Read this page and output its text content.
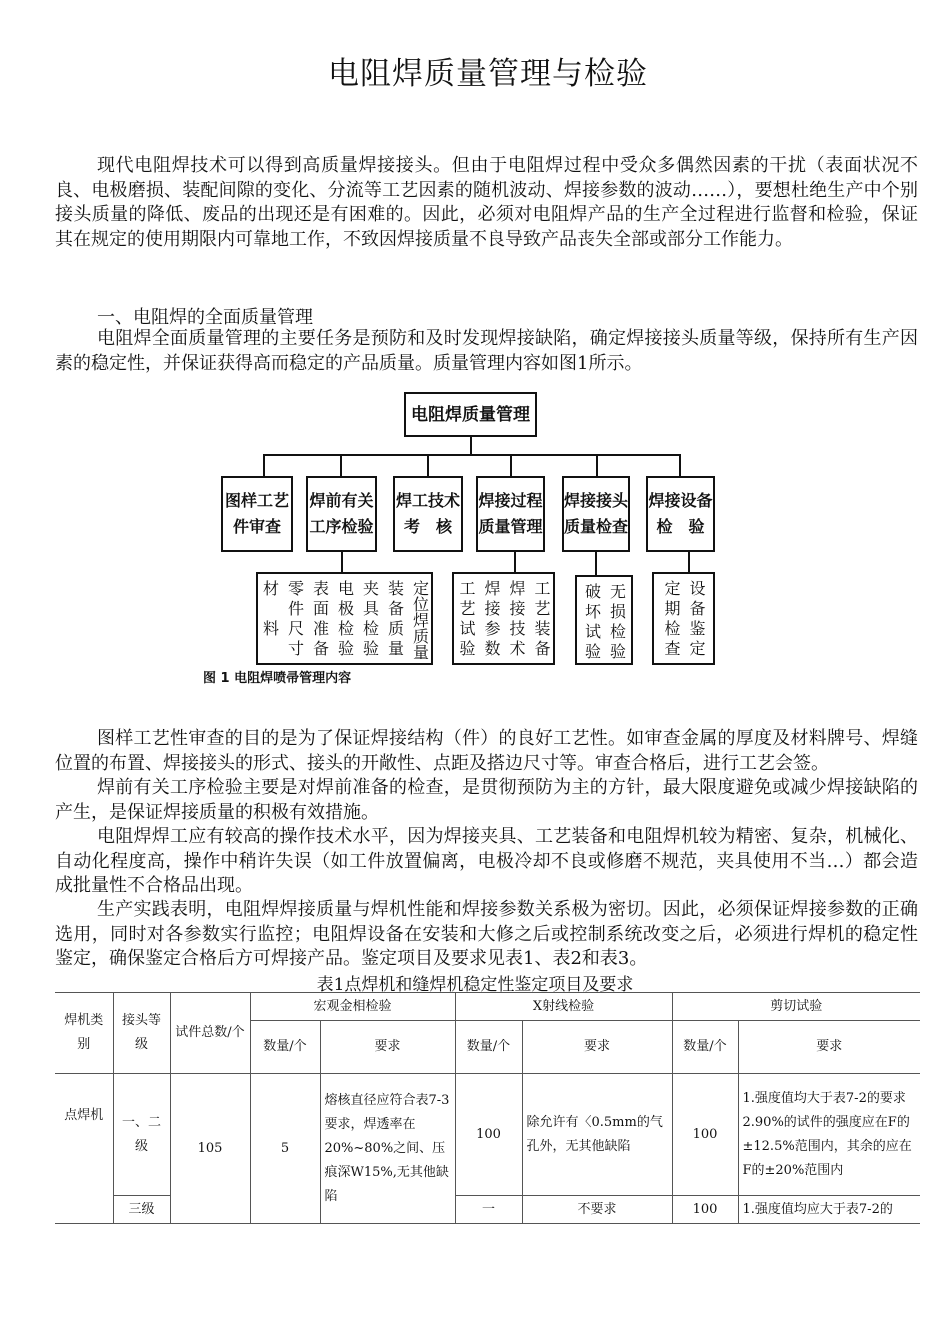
电阻焊质量管理与检验

现代电阻焊技术可以得到高质量焊接接头。但由于电阻焊过程中受众多偶然因素的干扰（表面状况不良、电极磨损、装配间隙的变化、分流等工艺因素的随机波动、焊接参数的波动……），要想杜绝生产中个别接头质量的降低、废品的出现还是有困难的。因此，必须对电阻焊产品的生产全过程进行监督和检验，保证其在规定的使用期限内可靠地工作，不致因焊接质量不良导致产品丧失全部或部分工作能力。

一、电阻焊的全面质量管理

电阻焊全面质量管理的主要任务是预防和及时发现焊接缺陷，确定焊接接头质量等级，保持所有生产因素的稳定性，并保证获得高而稳定的产品质量。质量管理内容如图1所示。

电阻焊质量管理
图样工艺件审查
焊前有关工序检验
焊工技术考　核
焊接过程质量管理
焊接接头质量检查
焊接设备检　验
材　料　 零件尺寸 表面准备 电极检验 夹具检验 装备质量 定位焊质量 工艺试验 焊接参数 焊接技术 工艺装备 破坏试验 无损检验 定期检查 设备鉴定
图 1 电阻焊喷帚管理内容

图样工艺性审查的目的是为了保证焊接结构（件）的良好工艺性。如审查金属的厚度及材料牌号、焊缝位置的布置、焊接接头的形式、接头的开敞性、点距及搭边尺寸等。审查合格后，进行工艺会签。

焊前有关工序检验主要是对焊前准备的检查，是贯彻预防为主的方针，最大限度避免或减少焊接缺陷的产生，是保证焊接质量的积极有效措施。

电阻焊焊工应有较高的操作技术水平，因为焊接夹具、工艺装备和电阻焊机较为精密、复杂，机械化、自动化程度高，操作中稍许失误（如工件放置偏离，电极冷却不良或修磨不规范，夹具使用不当…）都会造成批量性不合格品出现。

生产实践表明，电阻焊焊接质量与焊机性能和焊接参数关系极为密切。因此，必须保证焊接参数的正确选用，同时对各参数实行监控；电阻焊设备在安装和大修之后或控制系统改变之后，必须进行焊机的稳定性鉴定，确保鉴定合格后方可焊接产品。鉴定项目及要求见表1、表2和表3。

表1点焊机和缝焊机稳定性鉴定项目及要求
焊机类别	接头等级	试件总数/个	宏观金相检验		X射线检验		剪切试验	
			数量/个	要求	数量/个	要求	数量/个	要求
点焊机	一、二级	105	5	熔核直径应符合表7-3要求，焊透率在20%~80%之间、压痕深W15%,无其他缺陷	100	除允许有〈0.5mm的气孔外，无其他缺陷	100	1.强度值均大于表7-2的要求　2.90%的试件的强度应在F的±12.5%范围内，其余的应在F的±20%范围内
	三级				一	不要求	100	1.强度值均应大于表7-2的
